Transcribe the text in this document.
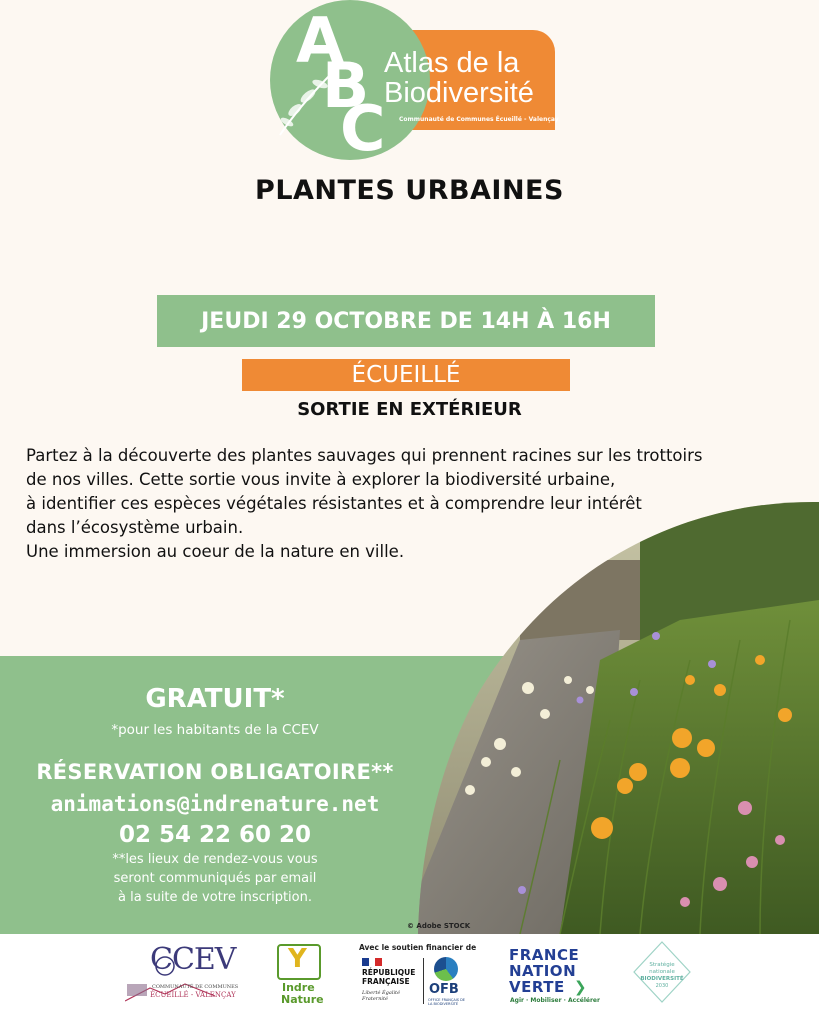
A
B
C
Atlas de la
Biodiversité
Communauté de Communes Écueillé - Valençay
PLANTES URBAINES
JEUDI 29 OCTOBRE DE 14H À 16H
ÉCUEILLÉ
SORTIE EN EXTÉRIEUR

Partez à la découverte des plantes sauvages qui prennent racines sur les trottoirs

de nos villes. Cette sortie vous invite à explorer la biodiversité urbaine,

à identifier ces espèces végétales résistantes et à comprendre leur intérêt

dans l’écosystème urbain.

Une immersion au coeur de la nature en ville.

GRATUIT*
*pour les habitants de la CCEV
RÉSERVATION OBLIGATOIRE**
animations@indrenature.net
02 54 22 60 20
**les lieux de rendez-vous vous
seront communiqués par email
à la suite de votre inscription.
© Adobe STOCK
CCEV
COMMUNAUTÉ DE COMMUNES
ÉCUEILLÉ - VALENÇAY
Y
Indre
Nature
Avec le soutien financier de
RÉPUBLIQUE
FRANÇAISE
Liberté Égalité Fraternité
OFB
OFFICE FRANÇAIS DE LA BIODIVERSITÉ
FRANCE
NATION
VERTE ❯
Agir · Mobiliser · Accélérer
Stratégie
nationale
BIODIVERSITÉ
2030
